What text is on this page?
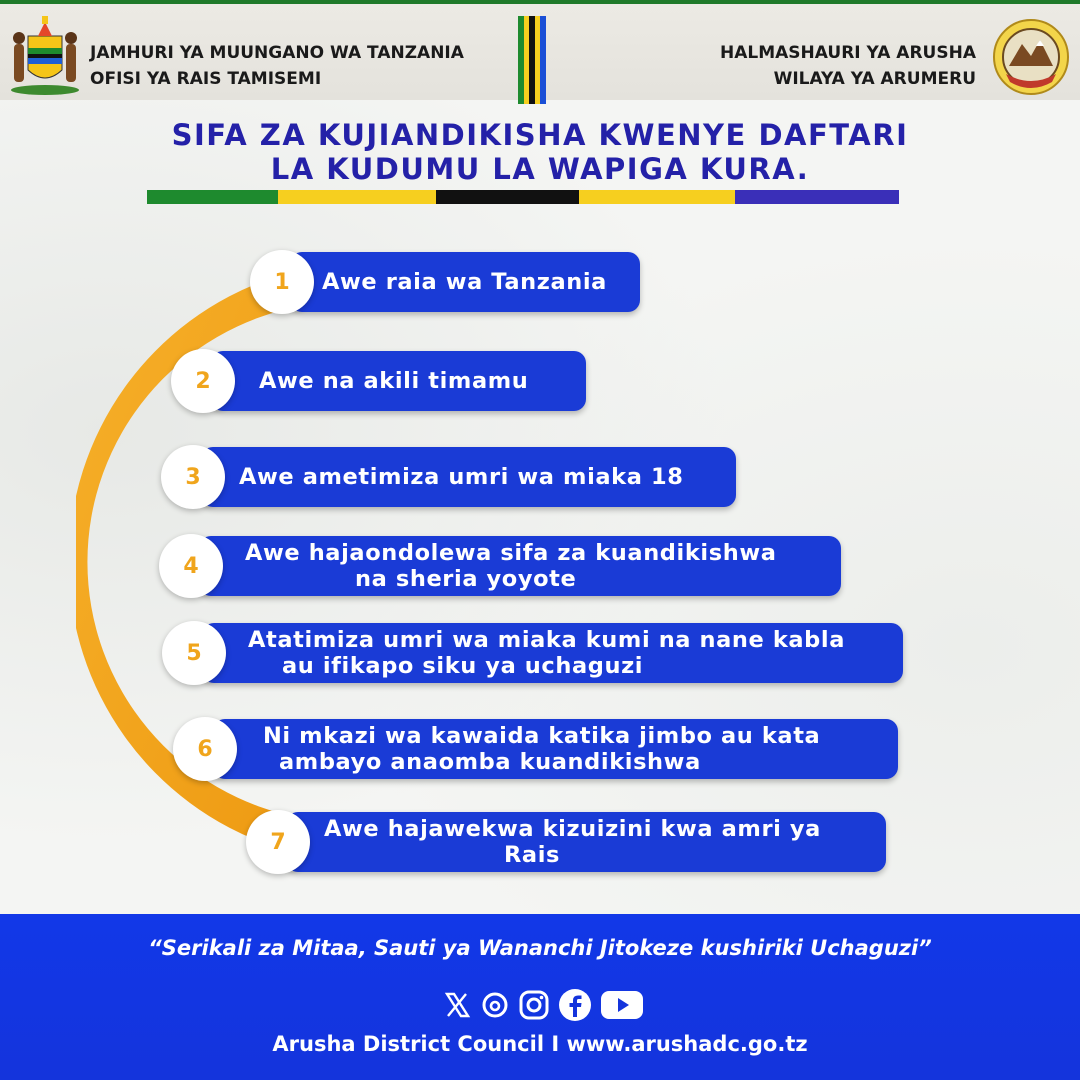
JAMHURI YA MUUNGANO WA TANZANIA
OFISI YA RAIS TAMISEMI
HALMASHAURI YA ARUSHA
WILAYA YA ARUMERU
SIFA ZA KUJIANDIKISHA KWENYE DAFTARI
LA KUDUMU LA WAPIGA KURA.
Awe raia wa Tanzania
1
Awe na akili timamu
2
Awe ametimiza umri wa miaka 18
3
Awe hajaondolewa sifa za kuandikishwa
na sheria yoyote
4
Atatimiza umri wa miaka kumi na nane kabla
au ifikapo siku ya uchaguzi
5
Ni mkazi wa kawaida katika jimbo au kata
ambayo anaomba kuandikishwa
6
Awe hajawekwa kizuizini kwa amri ya
Rais
7
“Serikali za Mitaa, Sauti ya Wananchi Jitokeze kushiriki Uchaguzi”
Arusha District Council I www.arushadc.go.tz
